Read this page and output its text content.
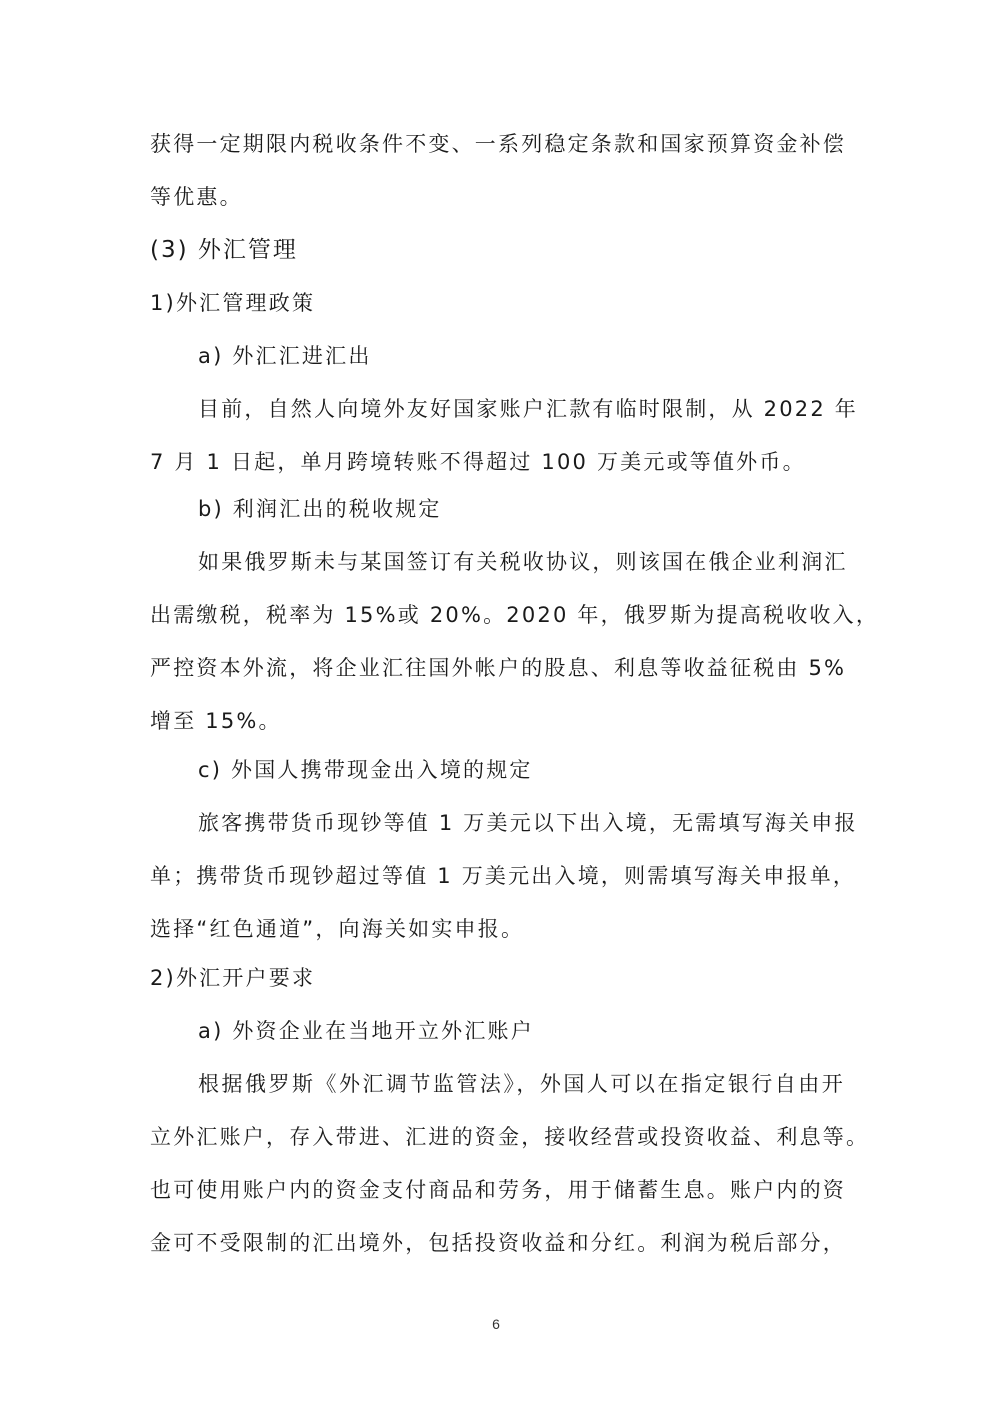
获得一定期限内税收条件不变、一系列稳定条款和国家预算资金补偿
等优惠。
(3) 外汇管理
1)外汇管理政策
a) 外汇汇进汇出
目前，自然人向境外友好国家账户汇款有临时限制，从 2022 年
7 月 1 日起，单月跨境转账不得超过 100 万美元或等值外币。
b) 利润汇出的税收规定
如果俄罗斯未与某国签订有关税收协议，则该国在俄企业利润汇
出需缴税，税率为 15%或 20%。2020 年，俄罗斯为提高税收收入，
严控资本外流，将企业汇往国外帐户的股息、利息等收益征税由 5%
增至 15%。
c) 外国人携带现金出入境的规定
旅客携带货币现钞等值 1 万美元以下出入境，无需填写海关申报
单；携带货币现钞超过等值 1 万美元出入境，则需填写海关申报单，
选择“红色通道”，向海关如实申报。
2)外汇开户要求
a) 外资企业在当地开立外汇账户
根据俄罗斯《外汇调节监管法》，外国人可以在指定银行自由开
立外汇账户，存入带进、汇进的资金，接收经营或投资收益、利息等。
也可使用账户内的资金支付商品和劳务，用于储蓄生息。账户内的资
金可不受限制的汇出境外，包括投资收益和分红。利润为税后部分，
6
